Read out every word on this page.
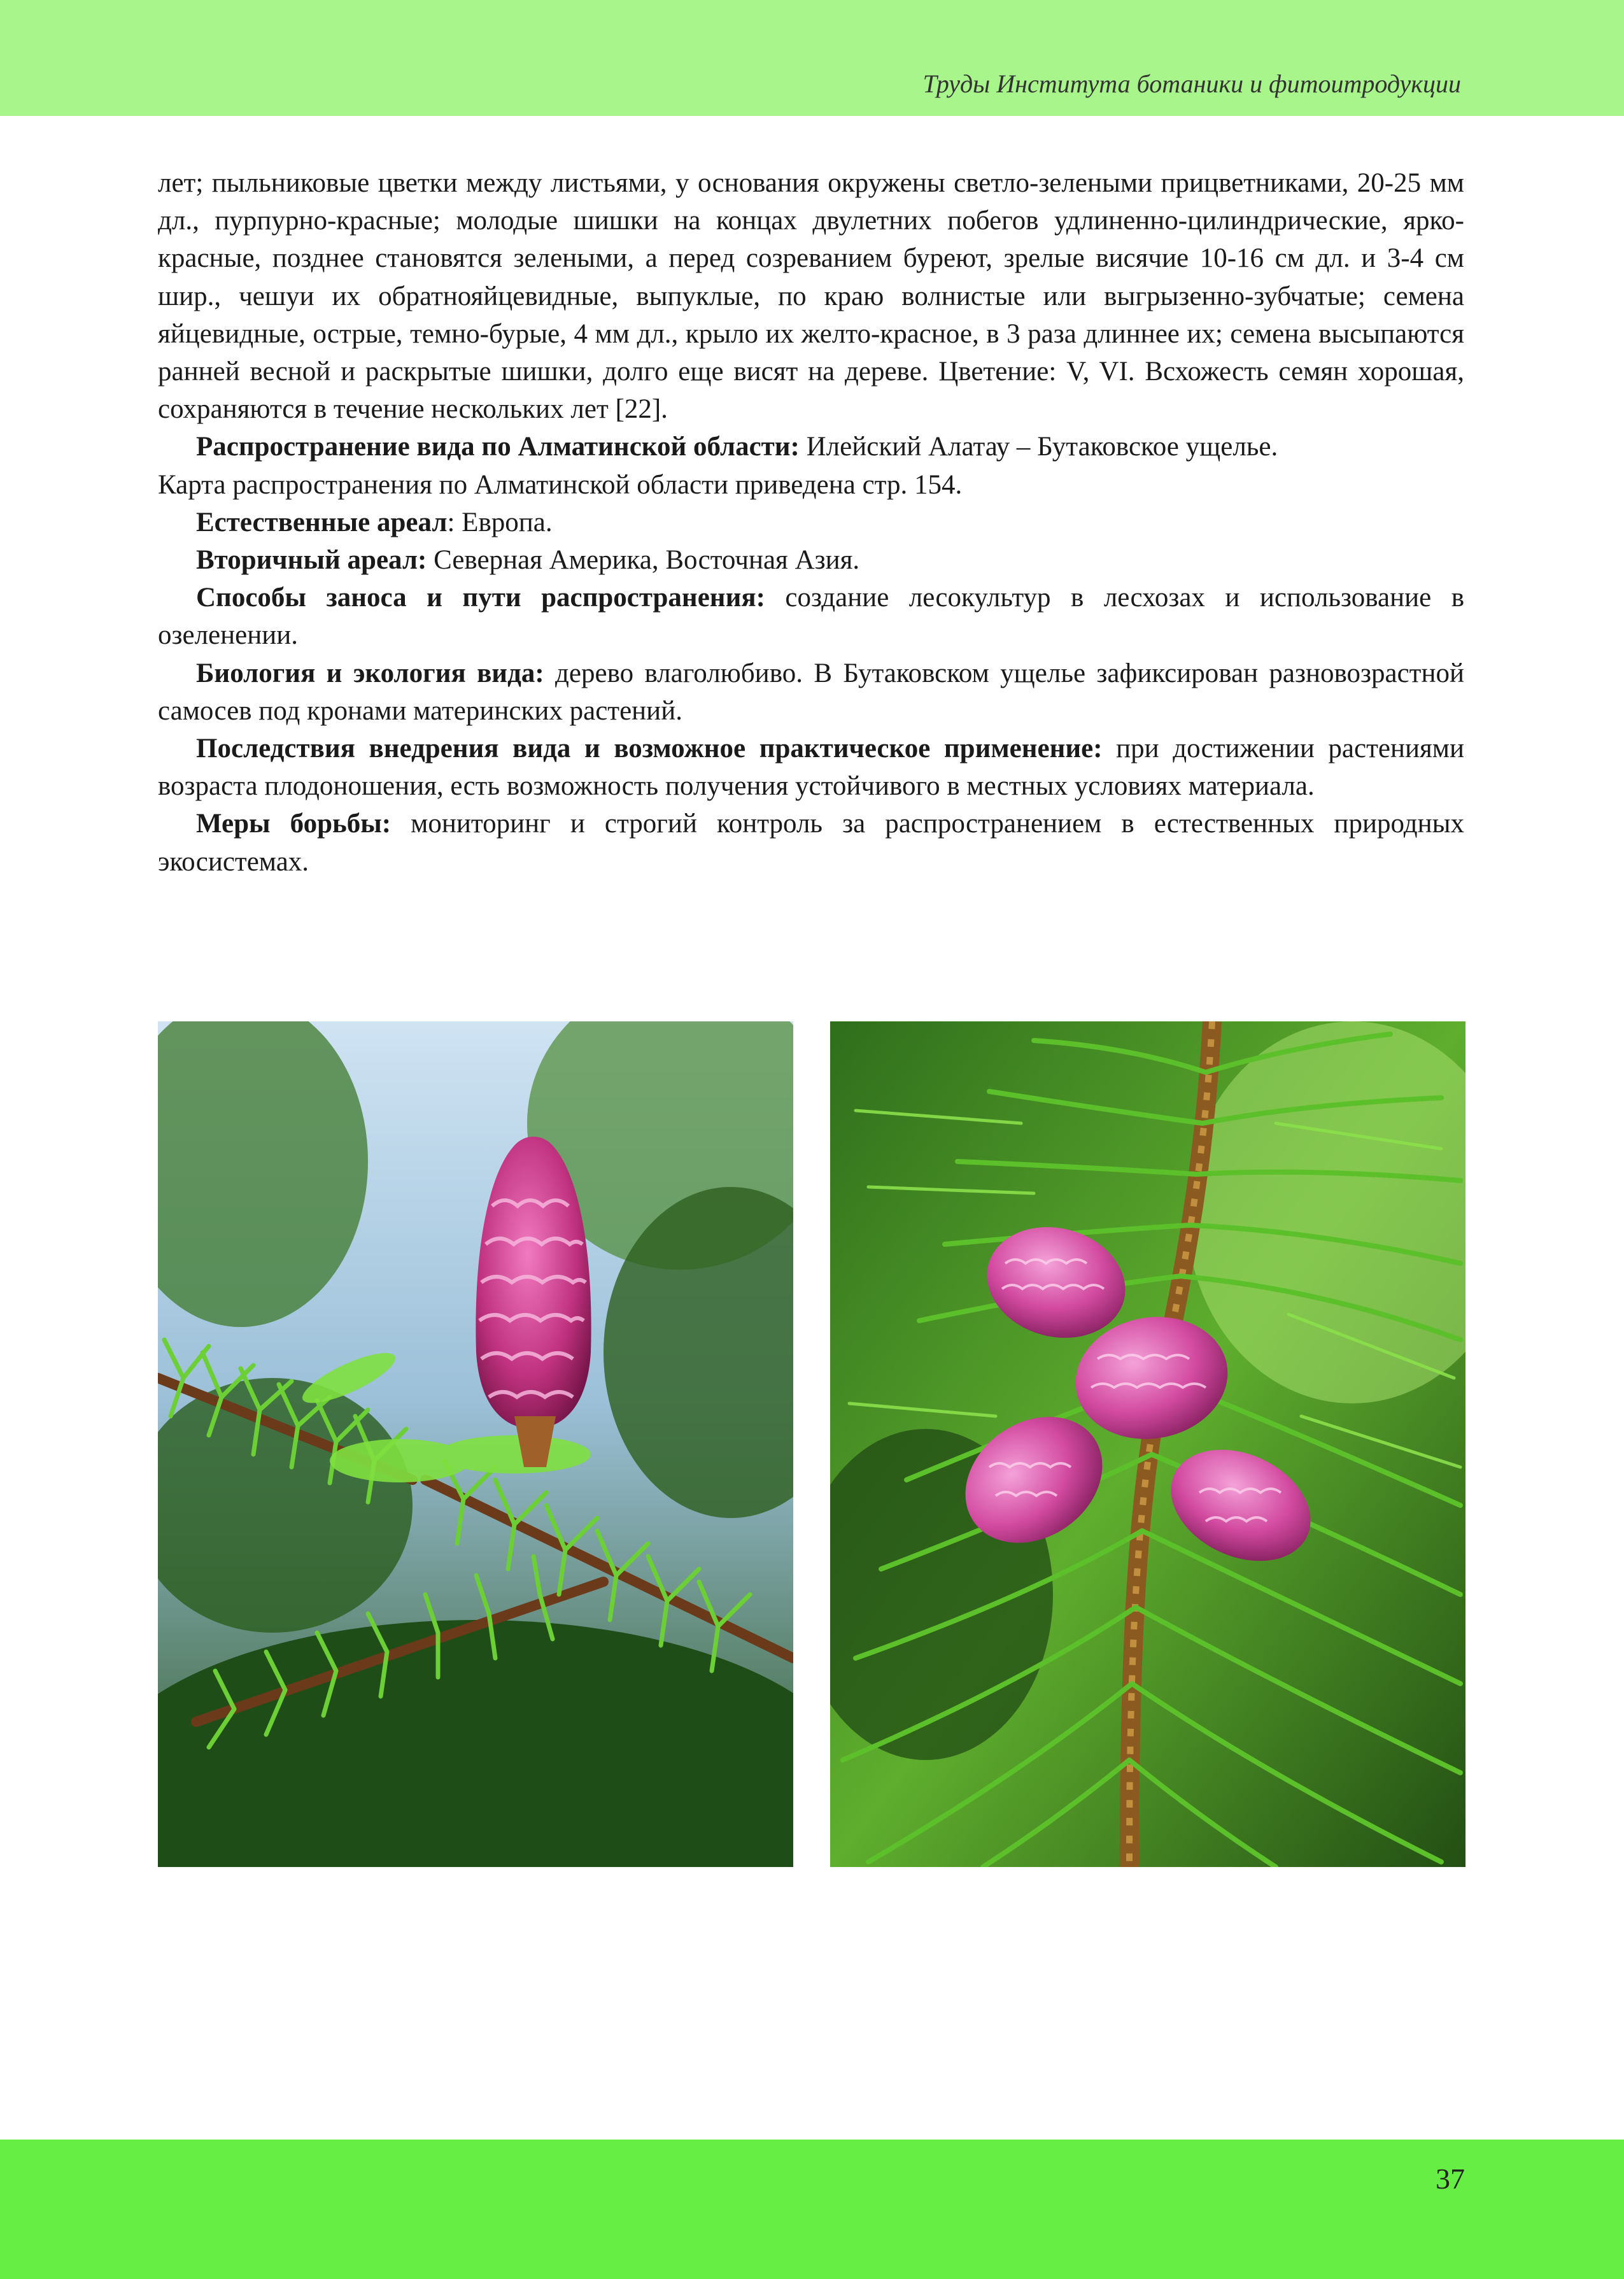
Труды Института ботаники и фитоитродукции

лет; пыльниковые цветки между листьями, у основания окружены светло-зелеными прицветниками, 20-25 мм дл., пурпурно-красные; молодые шишки на концах двулетних побегов удлиненно-цилиндрические, ярко-красные, позднее становятся зелеными, а перед созреванием буреют, зрелые висячие 10-16 см дл. и 3-4 см шир., чешуи их обратнояйцевидные, выпуклые, по краю волнистые или выгрызенно-зубчатые; семена яйцевидные, острые, темно-бурые, 4 мм дл., крыло их желто-красное, в 3 раза длиннее их; семена высыпаются ранней весной и раскрытые шишки, долго еще висят на дереве. Цветение: V, VI. Всхожесть семян хорошая, сохраняются в течение нескольких лет [22].

Распространение вида по Алматинской области: Илейский Алатау – Бутаковское ущелье.

Карта распространения по Алматинской области приведена стр. 154.

Естественные ареал: Европа.

Вторичный ареал: Северная Америка, Восточная Азия.

Способы заноса и пути распространения: создание лесокультур в лесхозах и использование в озеленении.

Биология и экология вида: дерево влаголюбиво. В Бутаковском ущелье зафиксирован разновозрастной самосев под кронами материнских растений.

Последствия внедрения вида и возможное практическое применение: при достижении растениями возраста плодоношения, есть возможность получения устойчивого в местных условиях материала.

Меры борьбы: мониторинг и строгий контроль за распространением в естественных природных экосистемах.

37
